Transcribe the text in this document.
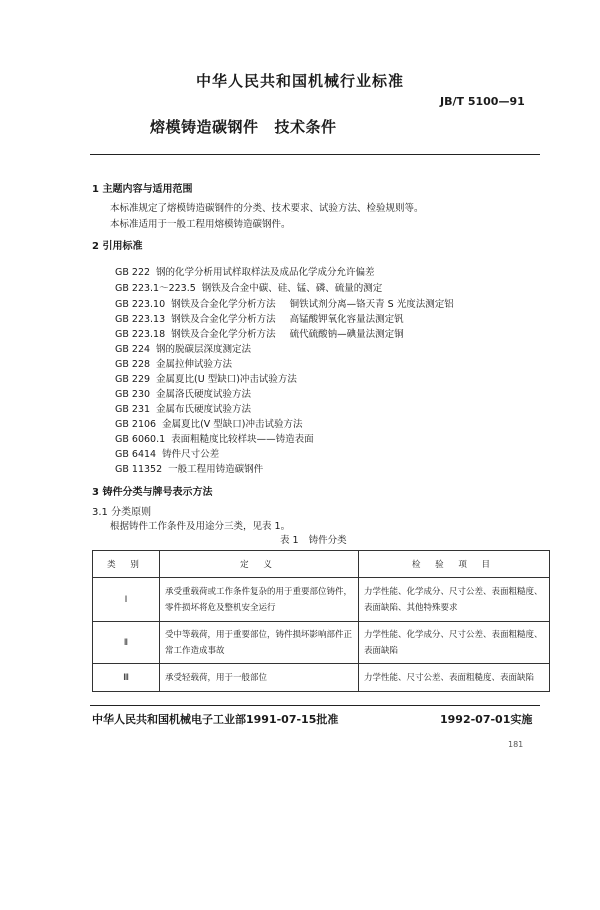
中华人民共和国机械行业标准
JB/T 5100—91
熔模铸造碳钢件 技术条件
1 主题内容与适用范围
本标准规定了熔模铸造碳钢件的分类、技术要求、试验方法、检验规则等。
本标准适用于一般工程用熔模铸造碳钢件。
2 引用标准
GB 222 钢的化学分析用试样取样法及成品化学成分允许偏差
GB 223.1～223.5 钢铁及合金中碳、硅、锰、磷、硫量的测定
GB 223.10 钢铁及合金化学分析方法 铜铁试剂分离—铬天青 S 光度法测定铝
GB 223.13 钢铁及合金化学分析方法 高锰酸钾氧化容量法测定钒
GB 223.18 钢铁及合金化学分析方法 硫代硫酸钠—碘量法测定铜
GB 224 钢的脱碳层深度测定法
GB 228 金属拉伸试验方法
GB 229 金属夏比(U 型缺口)冲击试验方法
GB 230 金属洛氏硬度试验方法
GB 231 金属布氏硬度试验方法
GB 2106 金属夏比(V 型缺口)冲击试验方法
GB 6060.1 表面粗糙度比较样块——铸造表面
GB 6414 铸件尺寸公差
GB 11352 一般工程用铸造碳钢件
3 铸件分类与牌号表示方法
3.1 分类原则
根据铸件工作条件及用途分三类，见表 1。
表 1 铸件分类
类 别	定 义	检 验 项 目
Ⅰ	承受重载荷或工作条件复杂的用于重要部位铸件，零件损坏将危及整机安全运行	力学性能、化学成分、尺寸公差、表面粗糙度、表面缺陷、其他特殊要求
Ⅱ	受中等载荷，用于重要部位，铸件损坏影响部件正常工作造成事故	力学性能、化学成分、尺寸公差、表面粗糙度、表面缺陷
Ⅲ	承受轻载荷，用于一般部位	力学性能、尺寸公差、表面粗糙度、表面缺陷
中华人民共和国机械电子工业部1991-07-15批准	1992-07-01实施
181
